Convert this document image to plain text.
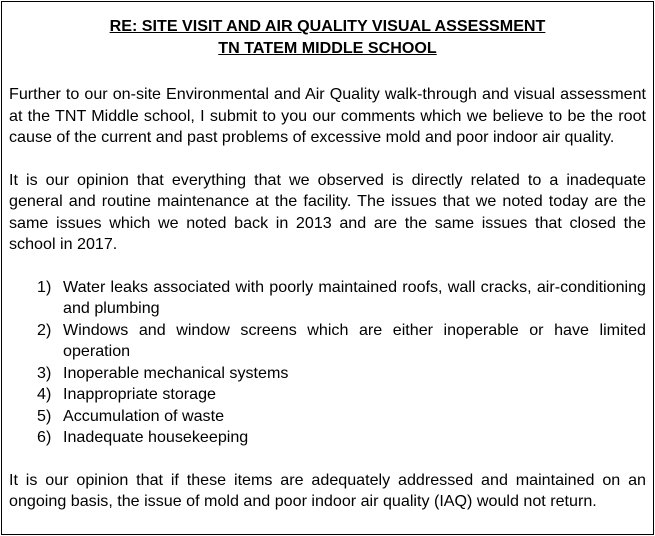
RE: SITE VISIT AND AIR QUALITY VISUAL ASSESSMENT
TN TATEM MIDDLE SCHOOL

Further to our on-site Environmental and Air Quality walk-through and visual assessment at the TNT Middle school, I submit to you our comments which we believe to be the root cause of the current and past problems of excessive mold and poor indoor air quality.

It is our opinion that everything that we observed is directly related to a inadequate general and routine maintenance at the facility. The issues that we noted today are the same issues which we noted back in 2013 and are the same issues that closed the school in 2017.

1) Water leaks associated with poorly maintained roofs, wall cracks, air-conditioning and plumbing
2) Windows and window screens which are either inoperable or have limited operation
3) Inoperable mechanical systems
4) Inappropriate storage
5) Accumulation of waste
6) Inadequate housekeeping

It is our opinion that if these items are adequately addressed and maintained on an ongoing basis, the issue of mold and poor indoor air quality (IAQ) would not return.
